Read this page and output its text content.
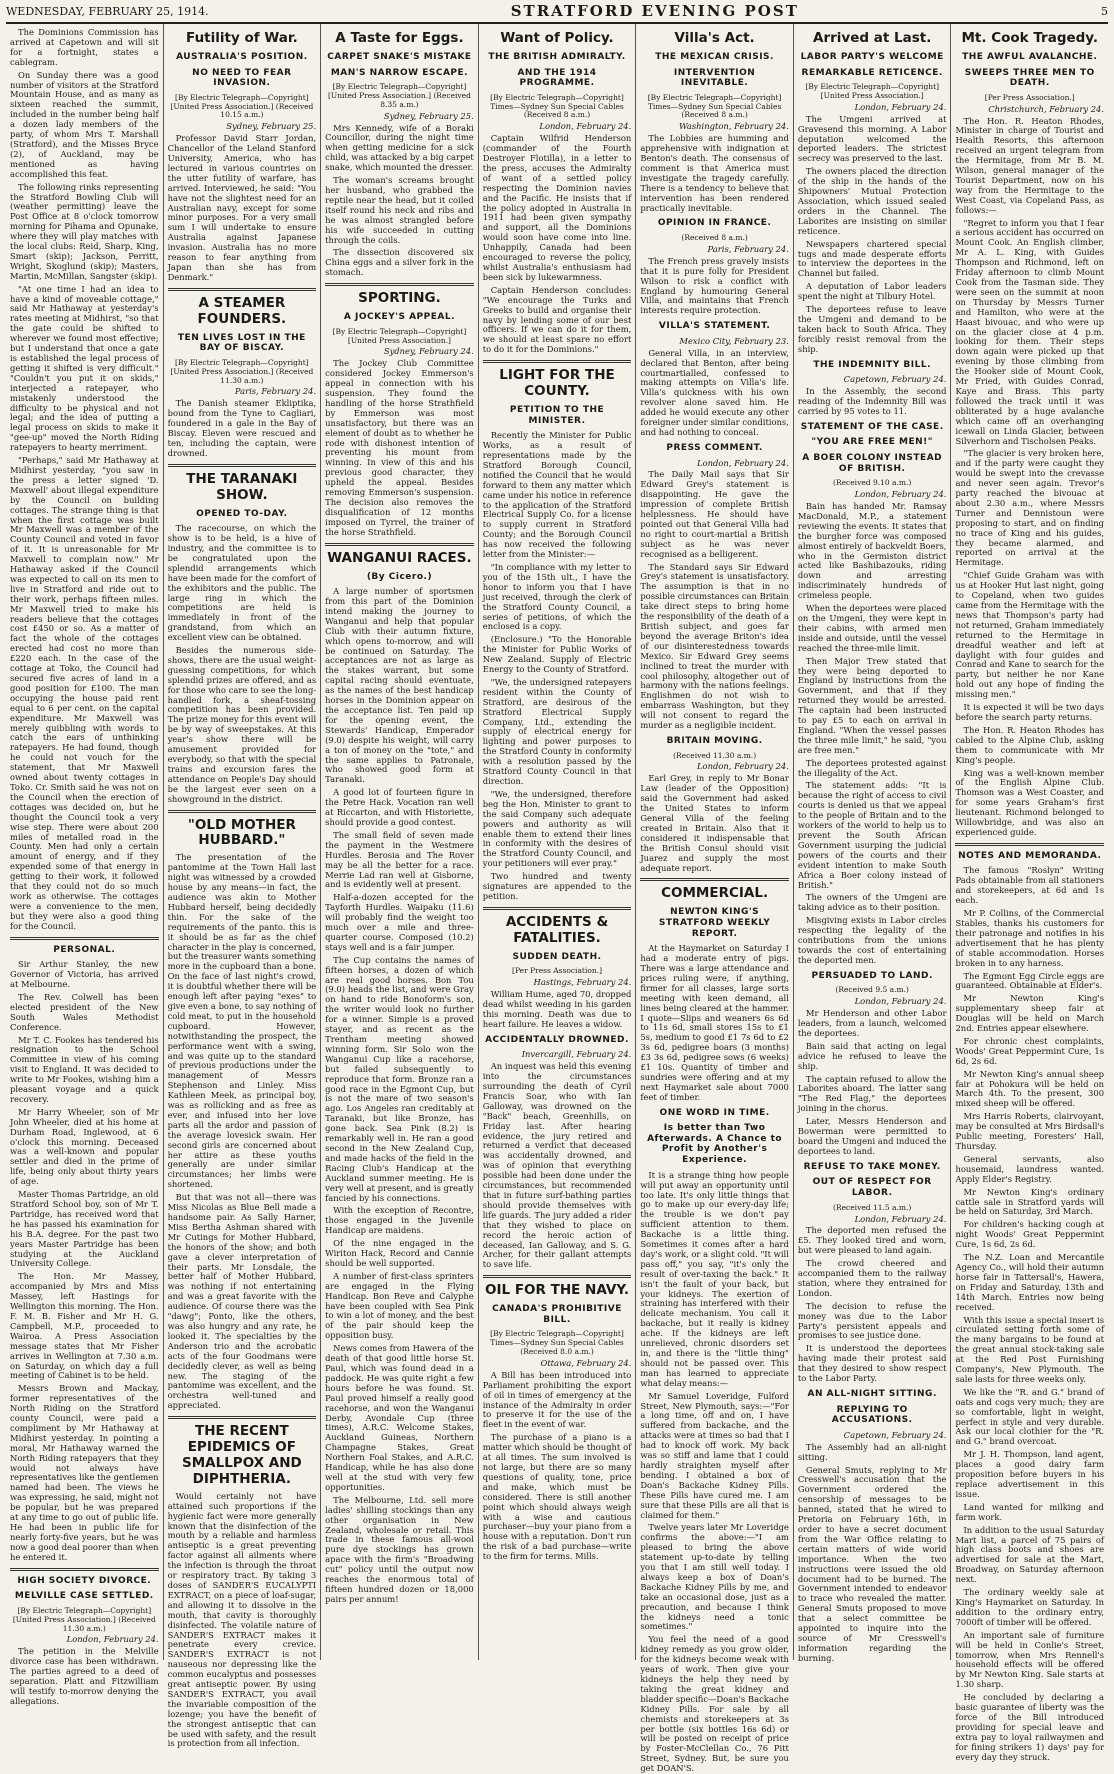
WEDNESDAY, FEBRUARY 25, 1914.	STRATFORD EVENING POST	5

The Dominions Commission has arrived at Capetown and will sit for a fortnight, states a cablegram.

On Sunday there was a good number of visitors at the Stratford Mountain House, and as many as sixteen reached the summit, included in the number being half a dozen lady members of the party, of whom Mrs T. Marshall (Stratford), and the Misses Bryce (2), of Auckland, may be mentioned as having accomplished this feat.

The following rinks representing the Stratford Bowling Club will (weather permitting) leave the Post Office at 8 o'clock tomorrow morning for Pihama and Opunake, where they will play matches with the local clubs: Reid, Sharp, King, Smart (skip); Jackson, Perritt, Wright, Skoglund (skip); Masters, Martin, McMillan, Sangster (skip).

"At one time I had an idea to have a kind of moveable cottage," said Mr Hathaway at yesterday's rates meeting at Midhirst, "so that the gate could be shifted to wherever we found most effective; but I understand that once a gate is established the legal process of getting it shifted is very difficult." "Couldn't you put it on skids," interjected a ratepayer, who mistakenly understood the difficulty to be physical and not legal; and the idea of putting a legal process on skids to make it "gee-up" moved the North Riding ratepayers to hearty merriment.

"Perhaps," said Mr Hathaway at Midhirst yesterday, "you saw in the press a letter signed 'D. Maxwell' about illegal expenditure by the Council on building cottages. The strange thing is that when the first cottage was built Mr Maxwell was a member of the County Council and voted in favor of it. It is unreasonable for Mr Maxwell to complain now." Mr Hathaway asked if the Council was expected to call on its men to live in Stratford and ride out to their work, perhaps fifteen miles. Mr Maxwell tried to make his readers believe that the cottages cost £450 or so. As a matter of fact the whole of the cottages erected had cost no more than £220 each. In the case of the cottage at Toko, the Council had secured five acres of land in a good position for £100. The man occupying the house paid rent equal to 6 per cent. on the capital expenditure. Mr Maxwell was merely quibbling with words to catch the ears of unthinking ratepayers. He had found, though he could not vouch for the statement, that Mr Maxwell owned about twenty cottages in Toko. Cr. Smith said he was not on the Council when the erection of cottages was decided on, but he thought the Council took a very wise step. There were about 200 miles of metalled road in the County. Men had only a certain amount of energy, and if they expended some of that energy in getting to their work, it followed that they could not do so much work as otherwise. The cottages were a convenience to the men, but they were also a good thing for the Council.

PERSONAL.

Sir Arthur Stanley, the new Governor of Victoria, has arrived at Melbourne.

The Rev. Colwell has been elected president of the New South Wales Methodist Conference.

Mr T. C. Fookes has tendered his resignation to the School Committee in view of his coming visit to England. It was decided to write to Mr Fookes, wishing him a pleasant voyage and a quick recovery.

Mr Harry Wheeler, son of Mr John Wheeler, died at his home at Durham Road, Inglewood, at 6 o'clock this morning. Deceased was a well-known and popular settler and died in the prime of life, being only about thirty years of age.

Master Thomas Partridge, an old Stratford School boy, son of Mr T. Partridge, has received word that he has passed his examination for his B.A. degree. For the past two years Master Partridge has been studying at the Auckland University College.

The Hon. Mr Massey, accompanied by Mrs and Miss Massey, left Hastings for Wellington this morning. The Hon. F. M. B. Fisher and Mr H. G. Campbell, M.P., proceeded to Wairoa. A Press Association message states that Mr Fisher arrives in Wellington at 7.30 a.m. on Saturday, on which day a full meeting of Cabinet is to be held.

Messrs Brown and Mackay, former representatives of the North Riding on the Stratford county Council, were paid a compliment by Mr Hathaway at Midhirst yesterday. In pointing a moral, Mr Hathaway warned the North Riding ratepayers that they would not always have representatives like the gentlemen named had been. The views he was expressing, he said, might not be popular, but he was prepared at any time to go out of public life. He had been in public life for nearly forty-five years, but he was now a good deal poorer than when he entered it.

HIGH SOCIETY DIVORCE.
MELVILLE CASE SETTLED.
[By Electric Telegraph—Copyright] [United Press Association.] (Received 11.30 a.m.)
London, February 24.

The petition in the Melville divorce case has been withdrawn. The parties agreed to a deed of separation. Platt and Fitzwilliam will testify to-morrow denying the allegations.

Futility of War.
AUSTRALIA'S POSITION.
NO NEED TO FEAR INVASION.
[By Electric Telegraph—Copyright] [United Press Association.] (Received 10.15 a.m.)
Sydney, February 25.

Professor David Starr Jordan, Chancellor of the Leland Stanford University, America, who has lectured in various countries on the utter futility of warfare, has arrived. Interviewed, he said: "You have not the slightest need for an Australian navy, except for some minor purposes. For a very small sum I will undertake to ensure Australia against Japanese invasion. Australia has no more reason to fear anything from Japan than she has from Denmark."

A STEAMER FOUNDERS.
TEN LIVES LOST IN THE BAY OF BISCAY.
[By Electric Telegraph—Copyright] [United Press Association.] (Received 11.30 a.m.)
Paris, February 24.

The Danish steamer Ekliptika, bound from the Tyne to Cagliari, foundered in a gale in the Bay of Biscay. Eleven were rescued and ten, including the captain, were drowned.

THE TARANAKI SHOW.
OPENED TO-DAY.

The racecourse, on which the show is to be held, is a hive of industry, and the committee is to be congratulated upon the splendid arrangements which have been made for the comfort of the exhibitors and the public. The large ring in which the competitions are held is immediately in front of the grandstand, from which an excellent view can be obtained.

Besides the numerous side-shows, there are the usual weight-guessing competitions, for which splendid prizes are offered, and as for those who care to see the long-handled fork, a sheaf-tossing competition has been provided. The prize money for this event will be by way of sweepstakes. At this year's show there will be amusement provided for everybody, so that with the special trains and excursion fares the attendance on People's Day should be the largest ever seen on a showground in the district.

"OLD MOTHER HUBBARD."

The presentation of the pantomime at the Town Hall last night was witnessed by a crowded house by any means—in fact, the audience was akin to Mother Hubbard herself, being decidedly thin. For the sake of the requirements of the panto. this is it should be as far as the chief character in the play is concerned, but the treasurer wants something more in the cupboard than a bone. On the face of last night's crowd, it is doubtful whether there will be enough left after paying "exes" to give even a bone, to say nothing of cold meat, to put in the household cupboard. However, notwithstanding the prospect, the performance went with a swing, and was quite up to the standard of previous productions under the management of Messrs Stephenson and Linley. Miss Kathleen Meek, as principal boy, was as rollicking and as free as ever, and infused into her love parts all the ardor and passion of the average lovesick swain. Her second girls are concerned about her attire as these youths generally are under similar circumstances; her limbs were shortened.

But that was not all—there was Miss Nicolas as Blue Bell made a handsome pair. As Sally Harner, Miss Bertha Ashman shared with Mr Cutings for Mother Hubbard, the honors of the show; and both gave a clever interpretation of their parts. Mr Lonsdale, the better half of Mother Hubbard, was nothing if not entertaining and was a great favorite with the audience. Of course there was the "dawg"; Ponto, like the others, was also hungry and any rate, he looked it. The specialties by the Anderson trio and the acrobatic acts of the four Goodmans were decidedly clever, as well as being new. The staging of the pantomime was excellent, and the orchestra well-tuned and appreciated.

THE RECENT EPIDEMICS OF SMALLPOX AND DIPHTHERIA.

Would certainly not have attained such proportions if the hygienic fact were more generally known that the disinfection of the mouth by a reliable and harmless antiseptic is a great preventing factor against all ailments where the infection is through the throat or respiratory tract. By taking 3 doses of SANDER'S EUCALYPTI EXTRACT, on a piece of loaf-sugar, and allowing it to dissolve in the mouth, that cavity is thoroughly disinfected. The volatile nature of SANDER'S EXTRACT makes it penetrate every crevice. SANDER'S EXTRACT is not nauseous nor depressing like the common eucalyptus and possesses great antiseptic power. By using SANDER'S EXTRACT, you avail the invariable composition of the lozenge; you have the benefit of the strongest antiseptic that can be used with safety, and the result is protection from all infection.

A Taste for Eggs.
CARPET SNAKE'S MISTAKE
MAN'S NARROW ESCAPE.
[By Electric Telegraph—Copyright] [United Press Association.] (Received 8.35 a.m.)
Sydney, February 25.

Mrs Kennedy, wife of a Boraki Councillor, during the night time when getting medicine for a sick child, was attacked by a big carpet snake, which mounted the dresser.

The woman's screams brought her husband, who grabbed the reptile near the head, but it coiled itself round his neck and ribs and he was almost strangled before his wife succeeded in cutting through the coils.

The dissection discovered six China eggs and a silver fork in the stomach.

SPORTING.
A JOCKEY'S APPEAL.
[By Electric Telegraph—Copyright] [United Press Association.]
Sydney, February 24.

The Jockey Club Committee considered Jockey Emmerson's appeal in connection with his suspension. They found the handling of the horse Strathfield by Emmerson was most unsatisfactory, but there was an element of doubt as to whether he rode with dishonest intention of preventing his mount from winning. In view of this and his previous good character, they upheld the appeal. Besides removing Emmerson's suspension. The decision also removes the disqualification of 12 months imposed on Tyrrel, the trainer of the horse Strathfield.

WANGANUI RACES.
(By Cicero.)

A large number of sportsmen from this part of the Dominion intend making the journey to Wanganui and help that popular Club with their autumn fixture, which opens to-morrow, and will be continued on Saturday. The acceptances are not as large as the stakes warrant, but some capital racing should eventuate, as the names of the best handicap horses in the Dominion appear on the acceptance list. Ten paid up for the opening event, the Stewards' Handicap, Emperador (9.0) despite his weight, will carry a ton of money on the "tote," and the same applies to Patronale, who showed good form at Taranaki.

A good lot of fourteen figure in the Petre Hack. Vocation ran well at Riccarton, and with Historiette, should provide a good contest.

The small field of seven made the payment in the Westmere Hurdles. Berosia and The Rover may be all the better for a race. Merrie Lad ran well at Gisborne, and is evidently well at present.

Half-a-dozen accepted for the Tayforth Hurdles. Waipaku (11.6) will probably find the weight too much over a mile and three-quarter course. Composed (10.2) stays well and is a fair jumper.

The Cup contains the names of fifteen horses, a dozen of which are real good horses. Bon Tou (9.0) heads the list, and were Gray on hand to ride Bonoform's son, the writer would look no further for a winner. Simple is a proved stayer, and as recent as the Trentham meeting showed winning form. Sir Solo won the Wanganui Cup like a racehorse, but failed subsequently to reproduce that form. Bronze ran a good race in the Egmont Cup, but is not the mare of two season's ago. Los Angeles ran creditably at Taranaki, but like Bronze, has gone back. Sea Pink (8.2) is remarkably well in. He ran a good second in the New Zealand Cup, and made hacks of the field in the Racing Club's Handicap at the Auckland summer meeting. He is very well at present, and is greatly fancied by his connections.

With the exception of Recontre, those engaged in the Juvenile Handicap are maidens.

Of the nine engaged in the Wiriton Hack, Record and Cannie should be well supported.

A number of first-class sprinters are engaged in the Flying Handicap. Bon Reve and Calyphe have been coupled with Sea Pink to win a lot of money, and the best of the pair should keep the opposition busy.

News comes from Hawera of the death of that good little horse St. Paul, which was found dead in a paddock. He was quite right a few hours before he was found. St. Paul proved himself a really good racehorse, and won the Wanganui Derby, Avondale Cup (three times), A.R.C. Welcome Stakes, Auckland Guineas, Northern Champagne Stakes, Great Northern Foal Stakes, and A.R.C. Handicap, while he has also done well at the stud with very few opportunities.

The Melbourne, Ltd. sell more ladies' shilling stockings than any other organisation in New Zealand, wholesale or retail. This trade in these famous all-wool pure dye stockings has grown apace with the firm's "Broadwing cut" policy until the output now reaches the enormous total of fifteen hundred dozen or 18,000 pairs per annum!

Want of Policy.
THE BRITISH ADMIRALTY.
AND THE 1914 PROGRAMME.
[By Electric Telegraph—Copyright] Times—Sydney Sun Special Cables (Received 8 a.m.)
London, February 24.

Captain Wilfrid Henderson (commander of the Fourth Destroyer Flotilla), in a letter to the press, accuses the Admiralty of want of a settled policy respecting the Dominion navies and the Pacific. He insists that if the policy adopted in Australia in 1911 had been given sympathy and support, all the Dominions would soon have come into line. Unhappily, Canada had been encouraged to reverse the policy, whilst Australia's enthusiasm had been sick by lukewarmness.

Captain Henderson concludes: "We encourage the Turks and Greeks to build and organise their navy by lending some of our best officers. If we can do it for them, we should at least spare no effort to do it for the Dominions."

LIGHT FOR THE COUNTY.
PETITION TO THE MINISTER.

Recently the Minister for Public Works, as a result of representations made by the Stratford Borough Council, notified the Council that he would forward to them any matter which came under his notice in reference to the application of the Stratford Electrical Supply Co. for a license to supply current in Stratford County; and the Borough Council has now received the following letter from the Minister:—

"In compliance with my letter to you of the 15th ult., I have the honor to inform you that I have just received, through the clerk of the Stratford County Council, a series of petitions, of which the enclosed is a copy.

(Enclosure.) "To the Honorable the Minister for Public Works of New Zealand. Supply of Electric Energy to the County of Stratford.

"We, the undersigned ratepayers resident within the County of Stratford, are desirous of the Stratford Electrical Supply Company, Ltd., extending the supply of electrical energy for lighting and power purposes to the Stratford County in conformity with a resolution passed by the Stratford County Council in that direction.

"We, the undersigned, therefore beg the Hon. Minister to grant to the said Company such adequate powers and authority as will enable them to extend their lines in conformity with the desires of the Stratford County Council, and your petitioners will ever pray."

Two hundred and twenty signatures are appended to the petition.

ACCIDENTS & FATALITIES.
SUDDEN DEATH.
[Per Press Association.]
Hastings, February 24.

William Hume, aged 70, dropped dead whilst weeding in his garden this morning. Death was due to heart failure. He leaves a widow.

ACCIDENTALLY DROWNED.
Invercargill, February 24.

An inquest was held this evening into the circumstances surrounding the death of Cyril Francis Soar, who with Ian Galloway, was drowned on the "Back" beach, Greenhills, on Friday last. After hearing evidence, the jury retired and returned a verdict that deceased was accidentally drowned, and was of opinion that everything possible had been done under the circumstances, but recommended that in future surf-bathing parties should provide themselves with life guards. The jury added a rider that they wished to place on record the heroic action of deceased, Ian Galloway, and S. G. Archer, for their gallant attempts to save life.

OIL FOR THE NAVY.
CANADA'S PROHIBITIVE BILL.
[By Electric Telegraph—Copyright] Times—Sydney Sun Special Cables (Received 8.0 a.m.)
Ottawa, February 24.

A Bill has been introduced into Parliament prohibiting the export of oil in times of emergency at the instance of the Admiralty in order to preserve it for the use of the fleet in the event of war.

The purchase of a piano is a matter which should be thought of at all times. The sum involved is not large, but there are so many questions of quality, tone, price and make, which must be considered. There is still another point which should always weigh with a wise and cautious purchaser—buy your piano from a house with a reputation. Don't run the risk of a bad purchase—write to the firm for terms. Mills.

Villa's Act.
THE MEXICAN CRISIS.
INTERVENTION INEVITABLE.
[By Electric Telegraph—Copyright] Times—Sydney Sun Special Cables (Received 8 a.m.)
Washington, February 24.

The Lobbies are humming and apprehensive with indignation at Benton's death. The consensus of comment is that America must investigate the tragedy carefully. There is a tendency to believe that intervention has been rendered practically inevitable.

OPINION IN FRANCE.
(Received 8 a.m.)
Paris, February 24.

The French press gravely insists that it is pure folly for President Wilson to risk a conflict with England by humouring General Villa, and maintains that French interests require protection.

VILLA'S STATEMENT.
Mexico City, February 23.

General Villa, in an interview, declared that Benton, after being courtmartialled, confessed to making attempts on Villa's life. Villa's quickness with his own revolver alone saved him. He added he would execute any other foreigner under similar conditions, and had nothing to conceal.

PRESS COMMENT.
London, February 24.

The Daily Mail says that Sir Edward Grey's statement is disappointing. He gave the impression of complete British helplessness. He should have pointed out that General Villa had no right to court-martial a British subject as he was never recognised as a belligerent.

The Standard says Sir Edward Grey's statement is unsatisfactory. The assumption is that in no possible circumstances can Britain take direct steps to bring home the responsibility of the death of a British subject, and goes far beyond the average Briton's idea of our disinterestedness towards Mexico. Sir Edward Grey seems inclined to treat the murder with cool philosophy, altogether out of harmony with the nations feelings. Englishmen do not wish to embarrass Washington, but they will not consent to regard the murder as a negligible incident.

BRITAIN MOVING.
(Received 11.30 a.m.)
London, February 24.

Earl Grey, in reply to Mr Bonar Law (leader of the Opposition) said the Government had asked the United States to inform General Villa of the feeling created in Britain. Also that it considered it indispensable that the British Consul should visit Juarez and supply the most adequate report.

COMMERCIAL.
NEWTON KING'S STRATFORD WEEKLY REPORT.

At the Haymarket on Saturday I had a moderate entry of pigs. There was a large attendance and prices ruling were, if anything, firmer for all classes, large sorts meeting with keen demand, all lines being cleared at the hammer. I quote—Slips and weaners 6s 6d to 11s 6d, small stores 15s to £1 5s, medium to good £1 7s 6d to £2 3s 6d, pedigree boars (3 months) £3 3s 6d, pedigree sows (6 weeks) £1 10s. Quantity of timber and sundries were offering and at my next Haymarket sale about 7000 feet of timber.

ONE WORD IN TIME.
Is better than Two Afterwards. A Chance to Profit by Another's Experience.

It is a strange thing how people will put away an opportunity until too late. It's only little things that go to make up our every-day life; the trouble is we don't pay sufficient attention to them. Backache is a little thing. Sometimes it comes after a hard day's work, or a slight cold. "It will pass off," you say, "it's only the result of over-taxing the back." It isn't the fault of your back, but your kidneys. The exertion of straining has interfered with their delicate mechanism. You call it backache, but it really is kidney ache. If the kidneys are left unrelieved, chronic disorders set in, and there is the "little thing" should not be passed over. This man has learned to appreciate what delay means:—

Mr Samuel Loveridge, Fulford Street, New Plymouth, says:—"For a long time, off and on, I have suffered from backache, and the attacks were at times so bad that I had to knock off work. My back was so stiff and lame that I could hardly straighten myself after bending. I obtained a box of Doan's Backache Kidney Pills. These Pills have cured me. I am sure that these Pills are all that is claimed for them."

Twelve years later Mr Loveridge confirms the above:—"I am pleased to bring the above statement up-to-date by telling you that I am still well today. I always keep a box of Doan's Backache Kidney Pills by me, and take an occasional dose, just as a precaution, and because I think the kidneys need a tonic sometimes."

You feel the need of a good kidney remedy as you grow older, for the kidneys become weak with years of work. Then give your kidneys the help they need by taking the great kidney and bladder specific—Doan's Backache Kidney Pills. For sale by all chemists and storekeepers at 3s per bottle (six bottles 16s 6d) or will be posted on receipt of price by Foster-McClellan Co., 76 Pitt Street, Sydney. But, be sure you get DOAN'S.

Arrived at Last.
LABOR PARTY'S WELCOME
REMARKABLE RETICENCE.
[By Electric Telegraph—Copyright] [United Press Association.]
London, February 24.

The Umgeni arrived at Gravesend this morning. A Labor deputation welcomed the deported leaders. The strictest secrecy was preserved to the last.

The owners placed the direction of the ship in the hands of the Shipowners' Mutual Protection Association, which issued sealed orders in the Channel. The Laborites are insisting on similar reticence.

Newspapers chartered special tugs and made desperate efforts to interview the deportees in the Channel but failed.

A deputation of Labor leaders spent the night at Tilbury Hotel.

The deportees refuse to leave the Umgeni and demand to be taken back to South Africa. They forcibly resist removal from the ship.

THE INDEMNITY BILL.
Capetown, February 24.

In the Assembly, the second reading of the Indemnity Bill was carried by 95 votes to 11.

STATEMENT OF THE CASE.
"YOU ARE FREE MEN!"
A BOER COLONY INSTEAD OF BRITISH.
(Received 9.10 a.m.)
London, February 24.

Bain has handed Mr. Ramsay MacDonald, M.P., a statement reviewing the events. It states that the burgher force was composed almost entirely of backveldt Boers, who in the Germiston district acted like Bashibazouks, riding down and arresting indiscriminately hundreds of crimeless people.

When the deportees were placed on the Umgeni, they were kept in their cabins, with armed men inside and outside, until the vessel reached the three-mile limit.

Then Major Trew stated that they were being deported to England by instructions from the Government, and that if they returned they would be arrested. The captain had been instructed to pay £5 to each on arrival in England. "When the vessel passes the three mile limit," he said, "you are free men."

The deportees protested against the illegality of the Act.

The statement adds: "It is because the right of access to civil courts is denied us that we appeal to the people of Britain and to the workers of the world to help us to prevent the South African Government usurping the judicial powers of the courts and their evident intention to make South Africa a Boer colony instead of British."

The owners of the Umgeni are taking advice as to their position.

Misgiving exists in Labor circles respecting the legality of the contributions from the unions towards the cost of entertaining the deported men.

PERSUADED TO LAND.
(Received 9.5 a.m.)
London, February 24.

Mr Henderson and other Labor leaders, from a launch, welcomed the deportees.

Bain said that acting on legal advice he refused to leave the ship.

The captain refused to allow the Laborites aboard. The latter sang "The Red Flag," the deportees joining in the chorus.

Later, Messrs Henderson and Bowerman were permitted to board the Umgeni and induced the deportees to land.

REFUSE TO TAKE MONEY.
OUT OF RESPECT FOR LABOR.
(Received 11.5 a.m.)
London, February 24.

The deported men refused the £5. They looked tired and worn, but were pleased to land again.

The crowd cheered and accompanied them to the railway station, where they entrained for London.

The decision to refuse the money was due to the Labor Party's persistent appeals and promises to see justice done.

It is understood the deportees having made their protest said that they desired to show respect to the Labor Party.

AN ALL-NIGHT SITTING.
REPLYING TO ACCUSATIONS.
Capetown, February 24.

The Assembly had an all-night sitting.

General Smuts, replying to Mr Cresswell's accusation that the Government ordered the censorship of messages to be banned, stated that he wired to Pretoria on February 16th, in order to have a secret document from the War Office relating to certain matters of wide world importance. When the two instructions were issued the old document had to be burned. The Government intended to endeavor to trace who revealed the matter. General Smuts proposed to move that a select committee be appointed to inquire into the source of Mr Cresswell's information regarding the burning.

Mt. Cook Tragedy.
THE AWFUL AVALANCHE.
SWEEPS THREE MEN TO DEATH.
[Per Press Association.]
Christchurch, February 24.

The Hon. R. Heaton Rhodes, Minister in charge of Tourist and Health Resorts, this afternoon received an urgent telegram from the Hermitage, from Mr B. M. Wilson, general manager of the Tourist Department, now on his way from the Hermitage to the West Coast, via Copeland Pass, as follows:—

"Regret to inform you that I fear a serious accident has occurred on Mount Cook. An English climber, Mr A. L. King, with Guides Thompson and Richmond, left on Friday afternoon to climb Mount Cook from the Tasman side. They were seen on the summit at noon on Thursday by Messrs Turner and Hamilton, who were at the Haast bivouac, and who were up on the glacier close at 4 p.m. looking for them. Their steps down again were picked up that evening by those climbing from the Hooker side of Mount Cook, Mr Fried, with Guides Conrad, Kaye and Brass. This party followed the track until it was obliterated by a huge avalanche which came off an overhanging icewall on Linda Glacier, between Silverhorn and Tischolsen Peaks.

"The glacier is very broken here, and if the party were caught they would be swept into the crevasse and never seen again. Trevor's party reached the bivouac at about 2.30 a.m., where Messrs Turner and Dennistoun were proposing to start, and on finding no trace of King and his guides, they became alarmed, and reported on arrival at the Hermitage.

"Chief Guide Graham was with us at Hooker Hut last night, going to Copeland, when two guides came from the Hermitage with the news that Thompson's party had not returned, Graham immediately returned to the Hermitage in dreadful weather and left at daylight with four guides and Conrad and Kane to search for the party, but neither he nor Kane hold out any hope of finding the missing men."

It is expected it will be two days before the search party returns.

The Hon. R. Heaton Rhodes has cabled to the Alpine Club, asking them to communicate with Mr King's people.

King was a well-known member of the English Alpine Club. Thomson was a West Coaster, and for some years Graham's first lieutenant. Richmond belonged to Willowbridge, and was also an experienced guide.

NOTES AND MEMORANDA.

The famous "Roslyn" Writing Pads obtainable from all stationers and storekeepers, at 6d and 1s each.

Mr P. Collins, of the Commercial Stables, thanks his customers for their patronage and notifies in his advertisement that he has plenty of stable accommodation. Horses broken in to any harness.

The Egmont Egg Circle eggs are guaranteed. Obtainable at Elder's.

Mr Newton King's supplementary sheep fair at Douglas will be held on March 2nd. Entries appear elsewhere.

For chronic chest complaints, Woods' Great Peppermint Cure, 1s 6d, 2s 6d.

Mr Newton King's annual sheep fair at Pohokura will be held on March 4th. To the present, 300 mixed sheep will be offered.

Mrs Harris Roberts, clairvoyant, may be consulted at Mrs Birdsall's Public meeting, Foresters' Hall, Thursday.

General servants, also housemaid, laundress wanted. Apply Elder's Registry.

Mr Newton King's ordinary cattle sale in Stratford yards will be held on Saturday, 3rd March.

For children's hacking cough at night Woods' Great Peppermint Cure, 1s 6d, 2s 6d.

The N.Z. Loan and Mercantile Agency Co., will hold their autumn horse fair in Tattersall's, Hawera, on Friday and Saturday, 13th and 14th March. Entries now being received.

With this issue a special insert is circulated setting forth some of the many bargains to be found at the great annual stock-taking sale at the Red Post Furnishing Company's, New Plymouth. The sale lasts for three weeks only.

We like the "R. and G." brand of oats and cogs very much; they are so comfortable, light in weight, perfect in style and very durable. Ask our local clothier for the "R. and G." brand overcoat.

Mr J. H. Thompson, land agent, places a good dairy farm proposition before buyers in his replace advertisement in this issue.

Land wanted for milking and farm work.

In addition to the usual Saturday Mart list, a parcel of 75 pairs of high class boots and shoes are advertised for sale at the Mart, Broadway, on Saturday afternoon next.

The ordinary weekly sale at King's Haymarket on Saturday. In addition to the ordinary entry, 7000ft of timber will be offered.

An important sale of furniture will be held in Conlie's Street, tomorrow, when Mrs Rennell's household effects will be offered by Mr Newton King. Sale starts at 1.30 sharp.

He concluded by declaring a basic guarantee of liberty was the force of the Bill introduced providing for special leave and extra pay to loyal railwaymen and for fining strikers 1) days' pay for every day they struck.
